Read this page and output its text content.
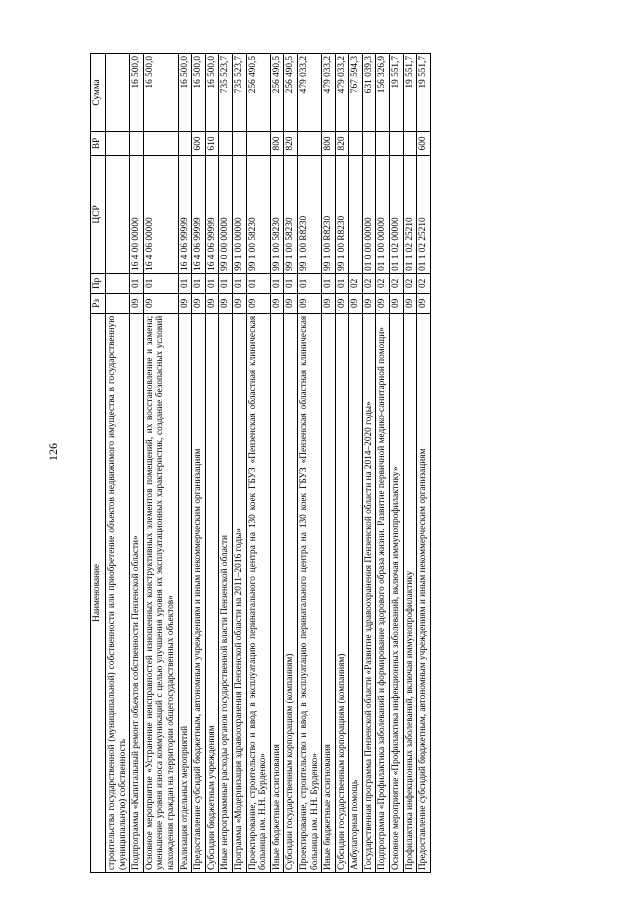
126
Наименование	Рз	Пр	ЦСР	ВР	Сумма
строительства государственной (муниципальной) собственности или приобретение объектов недвижимого имущества в государственную (муниципальную) собственность					
Подпрограмма «Капитальный ремонт объектов собственности Пензенской области»	09	01	16 4 00 00000		16 500,0
Основное мероприятие «Устранение неисправностей изношенных конструктивных элементов помещений, их восстановление и замена; уменьшение уровня износа коммуникаций с целью улучшения уровня их эксплуатационных характеристик, создание безопасных условий нахождения граждан на территории общегосударственных объектов»	09	01	16 4 06 00000		16 500,0
Реализация отдельных мероприятий	09	01	16 4 06 99999		16 500,0
Предоставление субсидий бюджетным, автономным учреждениям и иным некоммерческим организациям	09	01	16 4 06 99999	600	16 500,0
Субсидии бюджетным учреждениям	09	01	16 4 06 99999	610	16 500,0
Иные непрограммные расходы органов государственной власти Пензенской области	09	01	99 0 00 00000		735 523,7
Программа «Модернизация здравоохранения Пензенской области на 2011–2016 годы»	09	01	99 1 00 00000		735 523,7
Проектирование, строительство и ввод в эксплуатацию перинатального центра на 130 коек ГБУЗ «Пензенская областная клиническая больница им. Н.Н. Бурденко»	09	01	99 1 00 58230		256 490,5
Иные бюджетные ассигнования	09	01	99 1 00 58230	800	256 490,5
Субсидии государственным корпорациям (компаниям)	09	01	99 1 00 58230	820	256 490,5
Проектирование, строительство и ввод в эксплуатацию перинатального центра на 130 коек ГБУЗ «Пензенская областная клиническая больница им. Н.Н. Бурденко»	09	01	99 1 00 R8230		479 033,2
Иные бюджетные ассигнования	09	01	99 1 00 R8230	800	479 033,2
Субсидии государственным корпорациям (компаниям)	09	01	99 1 00 R8230	820	479 033,2
Амбулаторная помощь	09	02			767 594,3
Государственная программа Пензенской области «Развитие здравоохранения Пензенской области на 2014–2020 годы»	09	02	01 0 00 00000		631 039,3
Подпрограмма «Профилактика заболеваний и формирование здорового образа жизни. Развитие первичной медико-санитарной помощи»	09	02	01 1 00 00000		156 326,9
Основное мероприятие «Профилактика инфекционных заболеваний, включая иммунопрофилактику»	09	02	01 1 02 00000		19 551,7
Профилактика инфекционных заболеваний, включая иммунопрофилактику	09	02	01 1 02 25210		19 551,7
Предоставление субсидий бюджетным, автономным учреждениям и иным некоммерческим организациям	09	02	01 1 02 25210	600	19 551,7
